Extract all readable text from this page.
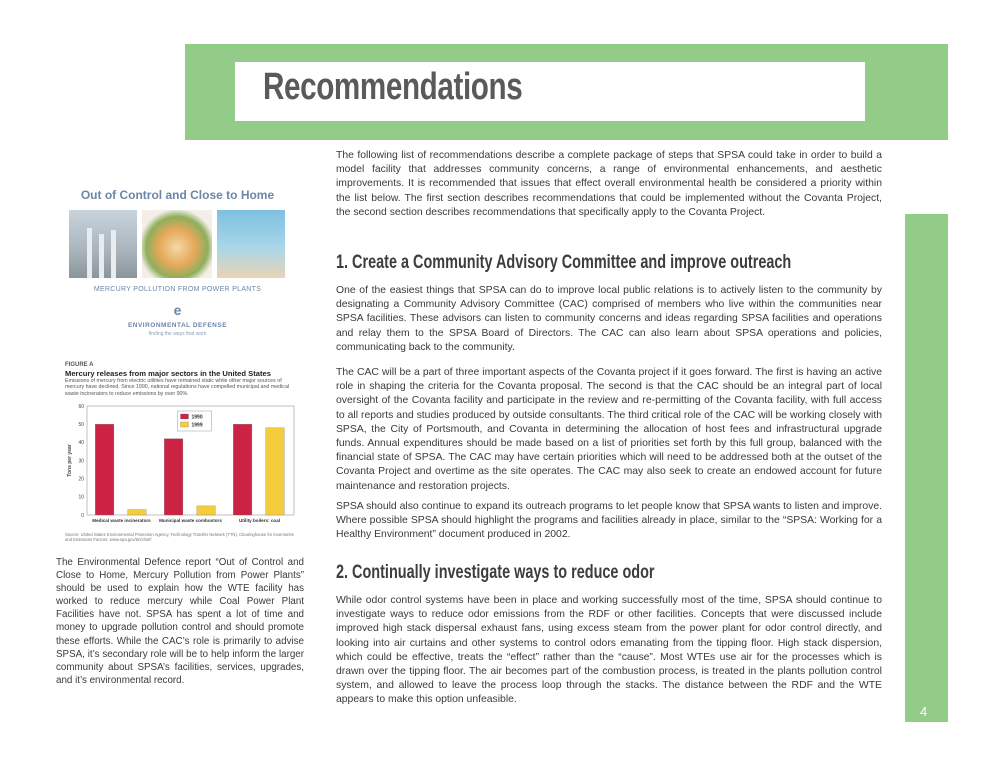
Recommendations
4
The following list of recommendations describe a complete package of steps that SPSA could take in order to build a model facility that addresses community concerns, a range of environmental enhancements, and aesthetic improvements. It is recommended that issues that effect overall environmental health be considered a priority within the list below. The first section describes recommendations that could be implemented without the Covanta Project, the second section describes recommendations that specifically apply to the Covanta Project.
1. Create a Community Advisory Committee and improve outreach
One of the easiest things that SPSA can do to improve local public relations is to actively listen to the community by designating a Community Advisory Committee (CAC) comprised of members who live within the communities near SPSA facilities. These advisors can listen to community concerns and ideas regarding SPSA facilities and operations and relay them to the SPSA Board of Directors. The CAC can also learn about SPSA operations and policies, communicating back to the community.
The CAC will be a part of three important aspects of the Covanta project if it goes forward. The first is having an active role in shaping the criteria for the Covanta proposal. The second is that the CAC should be an integral part of local oversight of the Covanta facility and participate in the review and re-permitting of the Covanta facility, with full access to all reports and studies produced by outside consultants. The third critical role of the CAC will be working closely with SPSA, the City of Portsmouth, and Covanta in determining the allocation of host fees and infrastructural upgrade funds. Annual expenditures should be made based on a list of priorities set forth by this full group, balanced with the financial state of SPSA. The CAC may have certain priorities which will need to be addressed both at the outset of the Covanta Project and overtime as the site operates. The CAC may also seek to create an endowed account for future maintenance and restoration projects.
SPSA should also continue to expand its outreach programs to let people know that SPSA wants to listen and improve. Where possible SPSA should highlight the programs and facilities already in place, similar to the “SPSA: Working for a Healthy Environment” document produced in 2002.
2. Continually investigate ways to reduce odor
While odor control systems have been in place and working successfully most of the time, SPSA should continue to investigate ways to reduce odor emissions from the RDF or other facilities. Concepts that were discussed include improved high stack dispersal exhaust fans, using excess steam from the power plant for odor control directly, and looking into air curtains and other systems to control odors emanating from the tipping floor. High stack dispersion, which could be effective, treats the “effect” rather than the “cause”. Most WTEs use air for the processes which is drawn over the tipping floor. The air becomes part of the combustion process, is treated in the plants pollution control system, and allowed to leave the process loop through the stacks. The distance between the RDF and the WTE appears to make this option unfeasible.
Out of Control and Close to Home
MERCURY POLLUTION FROM POWER PLANTS
e
ENVIRONMENTAL DEFENSE
finding the ways that work
FIGURE A
Mercury releases from major sectors in the United States
Emissions of mercury from electric utilities have remained static while other major sources of mercury have declined. Since 1990, national regulations have compelled municipal and medical waste incinerators to reduce emissions by over 90%.
0
10
20
30
40
50
60
Tons per year
Medical waste incinerators Municipal waste combustors	Utility boilers: coal
1990
1999
Source: United States Environmental Protection Agency, Technology Transfer Network (TTN), Clearinghouse for Inventories and Emissions Factors. www.epa.gov/ttn/chief/
The Environmental Defence report “Out of Control and Close to Home, Mercury Pollution from Power Plants” should be used to explain how the WTE facility has worked to reduce mercury while Coal Power Plant Facilities have not. SPSA has spent a lot of time and money to upgrade pollution control and should promote these efforts. While the CAC’s role is primarily to advise SPSA, it’s secondary role will be to help inform the larger community about SPSA’s facilities, services, upgrades, and it’s environmental record.
